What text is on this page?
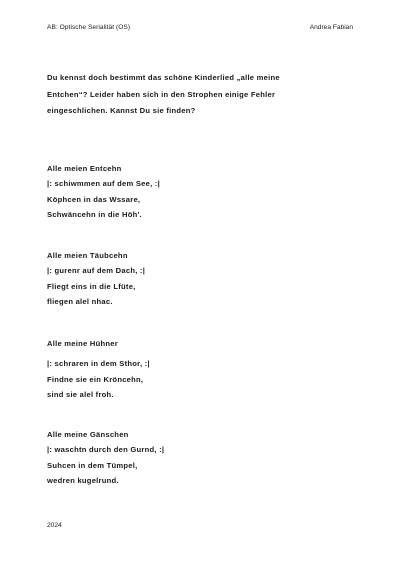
AB: Optische Serialität (OS)	Andrea Fabian
Du kennst doch bestimmt das schöne Kinderlied „alle meine
Entchen“? Leider haben sich in den Strophen einige Fehler
eingeschlichen. Kannst Du sie finden?
Alle meien Entcehn
|: schiwmmen auf dem See, :|
Köphcen in das Wssare,
Schwäncehn in die Höh'.
Alle meien Täubcehn
|: gurenr auf dem Dach, :|
Fliegt eins in die Lfüte,
fliegen alel nhac.
Alle meine Hühner
|: schraren in dem Sthor, :|
Findne sie ein Kröncehn,
sind sie alel froh.
Alle meine Gänschen
|: waschtn durch den Gurnd, :|
Suhcen in dem Tümpel,
wedren kugelrund.
2024
